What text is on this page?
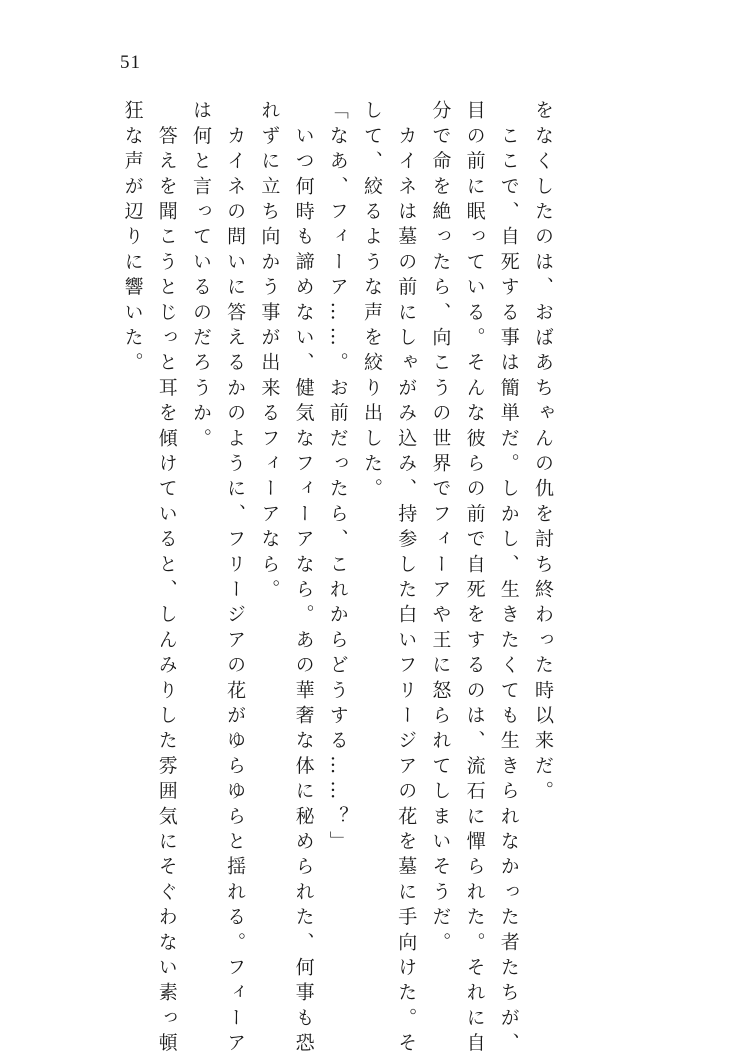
51

をなくしたのは、おばあちゃんの仇を討ち終わった時以来だ。

　ここで、自死する事は簡単だ。しかし、生きたくても生きられなかった者たちが、

目の前に眠っている。そんな彼らの前で自死をするのは、流石に憚られた。それに自

分で命を絶ったら、向こうの世界でフィーアや王に怒られてしまいそうだ。

　カイネは墓の前にしゃがみ込み、持参した白いフリージアの花を墓に手向けた。そ

して、絞るような声を絞り出した。

「なあ、フィーア……。お前だったら、これからどうする……？」

　いつ何時も諦めない、健気なフィーアなら。あの華奢な体に秘められた、何事も恐

れずに立ち向かう事が出来るフィーアなら。

　カイネの問いに答えるかのように、フリージアの花がゆらゆらと揺れる。フィーア

は何と言っているのだろうか。

　答えを聞こうとじっと耳を傾けていると、しんみりした雰囲気にそぐわない素っ頓

狂な声が辺りに響いた。
